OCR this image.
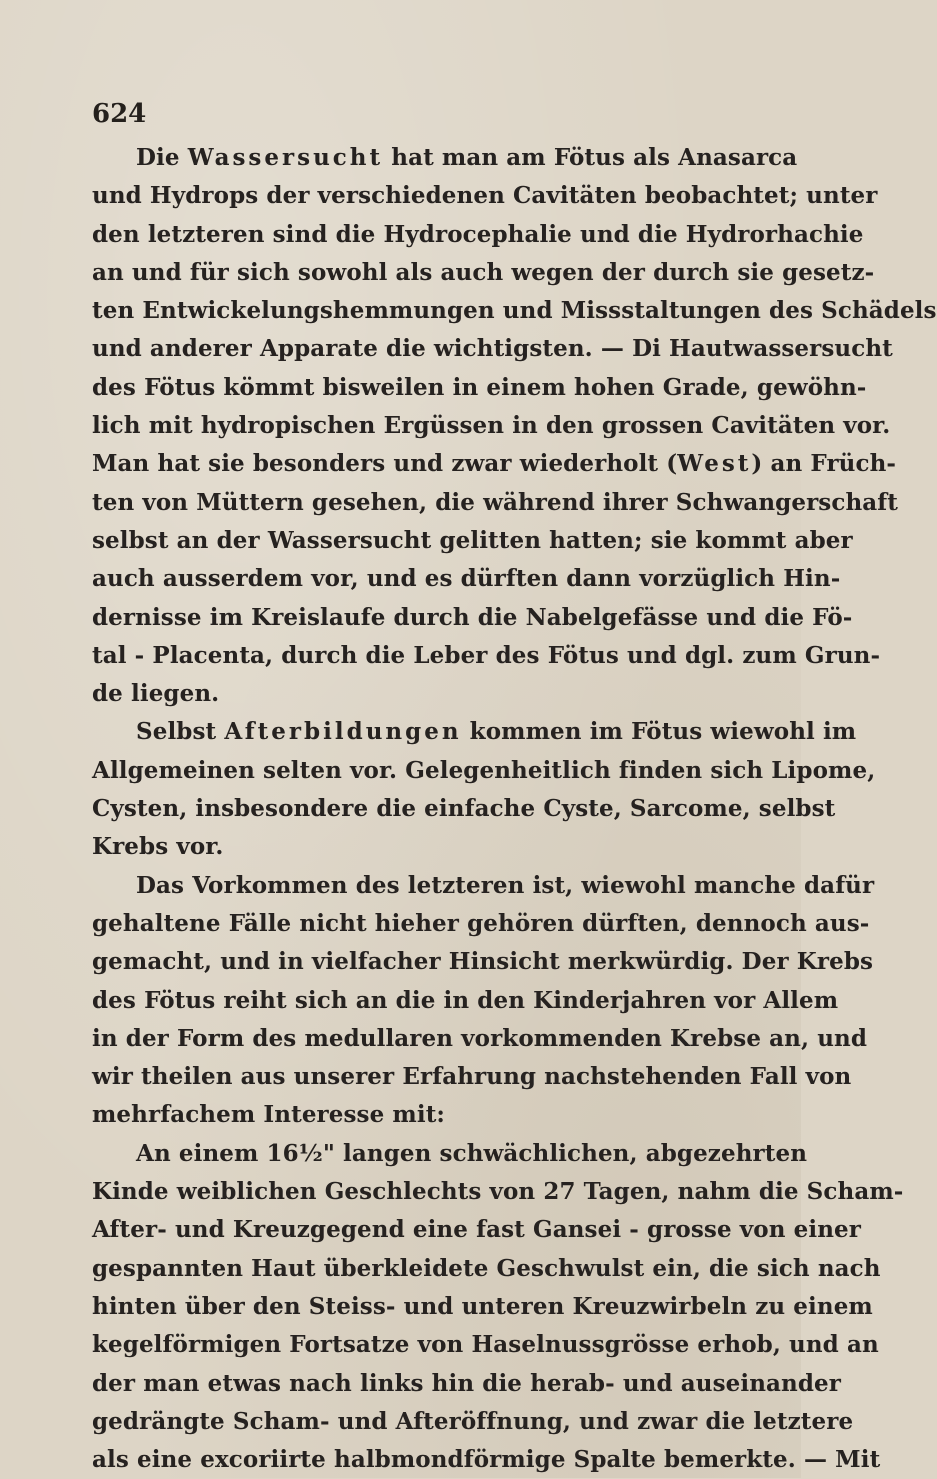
624
Die Wassersucht hat man am Fötus als Anasarca
und Hydrops der verschiedenen Cavitäten beobachtet; unter
den letzteren sind die Hydrocephalie und die Hydrorhachie
an und für sich sowohl als auch wegen der durch sie gesetz-
ten Entwickelungshemmungen und Missstaltungen des Schädels
und anderer Apparate die wichtigsten. — Di Hautwassersucht
des Fötus kömmt bisweilen in einem hohen Grade, gewöhn-
lich mit hydropischen Ergüssen in den grossen Cavitäten vor.
Man hat sie besonders und zwar wiederholt (West) an Früch-
ten von Müttern gesehen, die während ihrer Schwangerschaft
selbst an der Wassersucht gelitten hatten; sie kommt aber
auch ausserdem vor, und es dürften dann vorzüglich Hin-
dernisse im Kreislaufe durch die Nabelgefässe und die Fö-
tal - Placenta, durch die Leber des Fötus und dgl. zum Grun-
de liegen.
Selbst Afterbildungen kommen im Fötus wiewohl im
Allgemeinen selten vor. Gelegenheitlich finden sich Lipome,
Cysten, insbesondere die einfache Cyste, Sarcome, selbst
Krebs vor.
Das Vorkommen des letzteren ist, wiewohl manche dafür
gehaltene Fälle nicht hieher gehören dürften, dennoch aus-
gemacht, und in vielfacher Hinsicht merkwürdig. Der Krebs
des Fötus reiht sich an die in den Kinderjahren vor Allem
in der Form des medullaren vorkommenden Krebse an, und
wir theilen aus unserer Erfahrung nachstehenden Fall von
mehrfachem Interesse mit:
An einem 16½" langen schwächlichen, abgezehrten
Kinde weiblichen Geschlechts von 27 Tagen, nahm die Scham-
After- und Kreuzgegend eine fast Gansei - grosse von einer
gespannten Haut überkleidete Geschwulst ein, die sich nach
hinten über den Steiss- und unteren Kreuzwirbeln zu einem
kegelförmigen Fortsatze von Haselnussgrösse erhob, und an
der man etwas nach links hin die herab- und auseinander
gedrängte Scham- und Afteröffnung, und zwar die letztere
als eine excoriirte halbmondförmige Spalte bemerkte. — Mit
